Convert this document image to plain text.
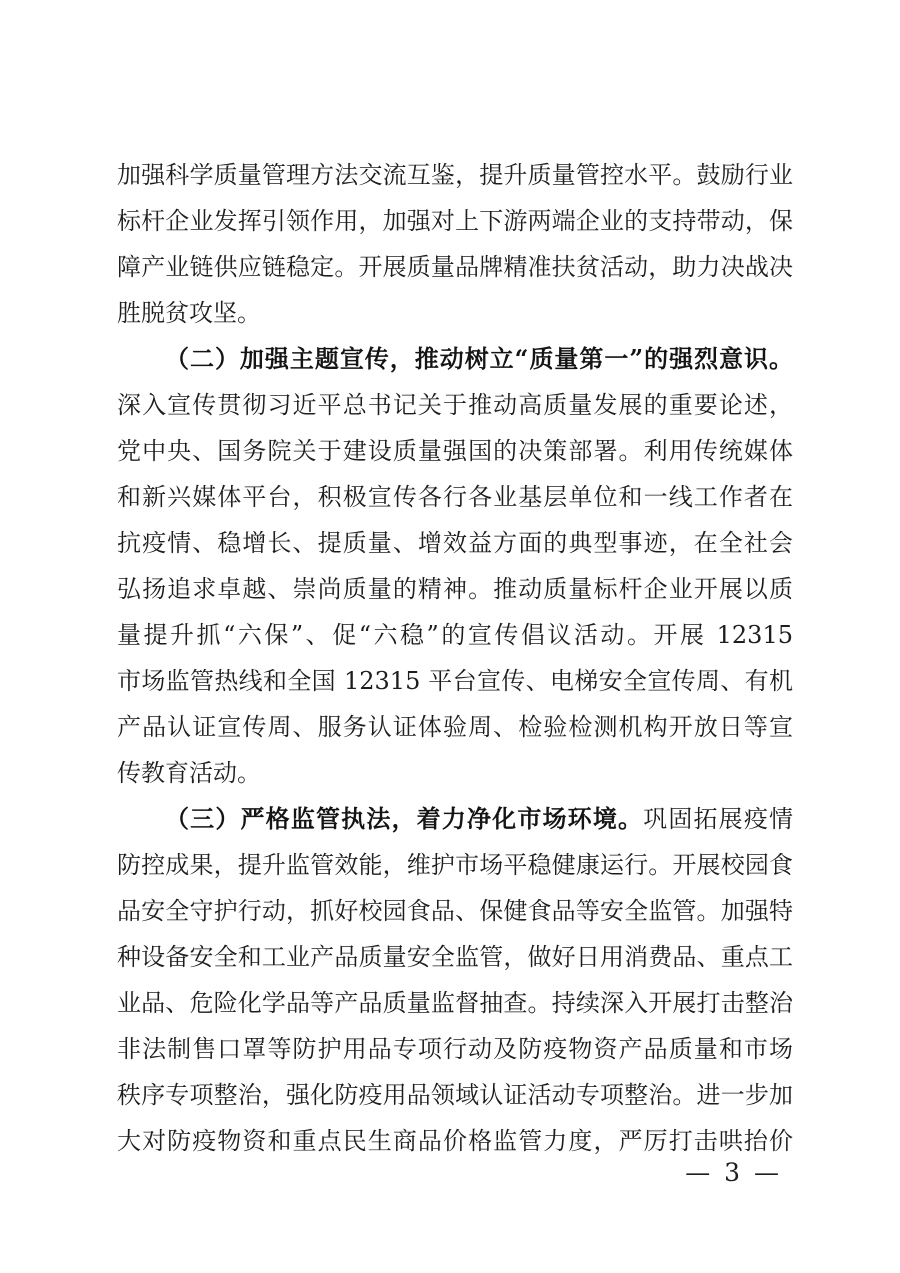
加强科学质量管理方法交流互鉴，提升质量管控水平。鼓励行业
标杆企业发挥引领作用，加强对上下游两端企业的支持带动，保
障产业链供应链稳定。开展质量品牌精准扶贫活动，助力决战决
胜脱贫攻坚。
（二）加强主题宣传，推动树立“质量第一”的强烈意识。
深入宣传贯彻习近平总书记关于推动高质量发展的重要论述，
党中央、国务院关于建设质量强国的决策部署。利用传统媒体
和新兴媒体平台，积极宣传各行各业基层单位和一线工作者在
抗疫情、稳增长、提质量、增效益方面的典型事迹，在全社会
弘扬追求卓越、崇尚质量的精神。推动质量标杆企业开展以质
量提升抓“六保”、促“六稳”的宣传倡议活动。开展 12315
市场监管热线和全国 12315 平台宣传、电梯安全宣传周、有机
产品认证宣传周、服务认证体验周、检验检测机构开放日等宣
传教育活动。
（三）严格监管执法，着力净化市场环境。巩固拓展疫情
防控成果，提升监管效能，维护市场平稳健康运行。开展校园食
品安全守护行动，抓好校园食品、保健食品等安全监管。加强特
种设备安全和工业产品质量安全监管，做好日用消费品、重点工
业品、危险化学品等产品质量监督抽查。持续深入开展打击整治
非法制售口罩等防护用品专项行动及防疫物资产品质量和市场
秩序专项整治，强化防疫用品领域认证活动专项整治。进一步加
大对防疫物资和重点民生商品价格监管力度，严厉打击哄抬价
— 3 —
